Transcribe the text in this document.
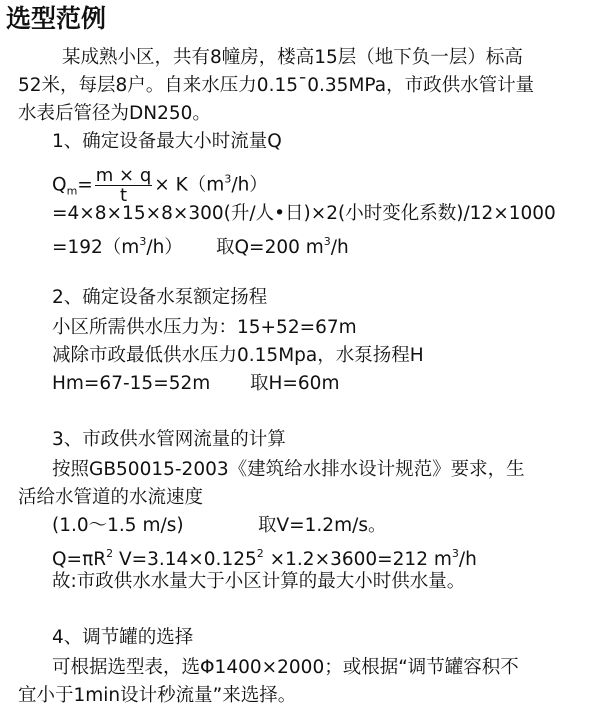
选型范例
某成熟小区，共有8幢房，楼高15层（地下负一层）标高
52米，每层8户。自来水压力0.15¯0.35MPa，市政供水管计量
水表后管径为DN250。
1、确定设备最大小时流量Q
$Q_m= \frac{m \times q}{t} \times K(m^3/h)$
=4×8×15×8×300(升/人•日)×2(小时变化系数)/12×1000
$=192(m^3/h)$ 取Q=200 $m^3/h$
2、确定设备水泵额定扬程
小区所需供水压力为：15+52=67m
减除市政最低供水压力0.15Mpa，水泵扬程H
Hm=67-15=52m 取H=60m
3、市政供水管网流量的计算
按照GB50015-2003《建筑给水排水设计规范》要求，生
活给水管道的水流速度
(1.0～1.5 m/s)	取V=1.2m/s。
$Q=\pi R^2$ $V=3.14\times 0.125^2 \times 1.2\times 3600=212$ $m^3/h$
故:市政供水水量大于小区计算的最大小时供水量。
4、调节罐的选择
可根据选型表，选Φ1400×2000；或根据“调节罐容积不
宜小于1min设计秒流量”来选择。
